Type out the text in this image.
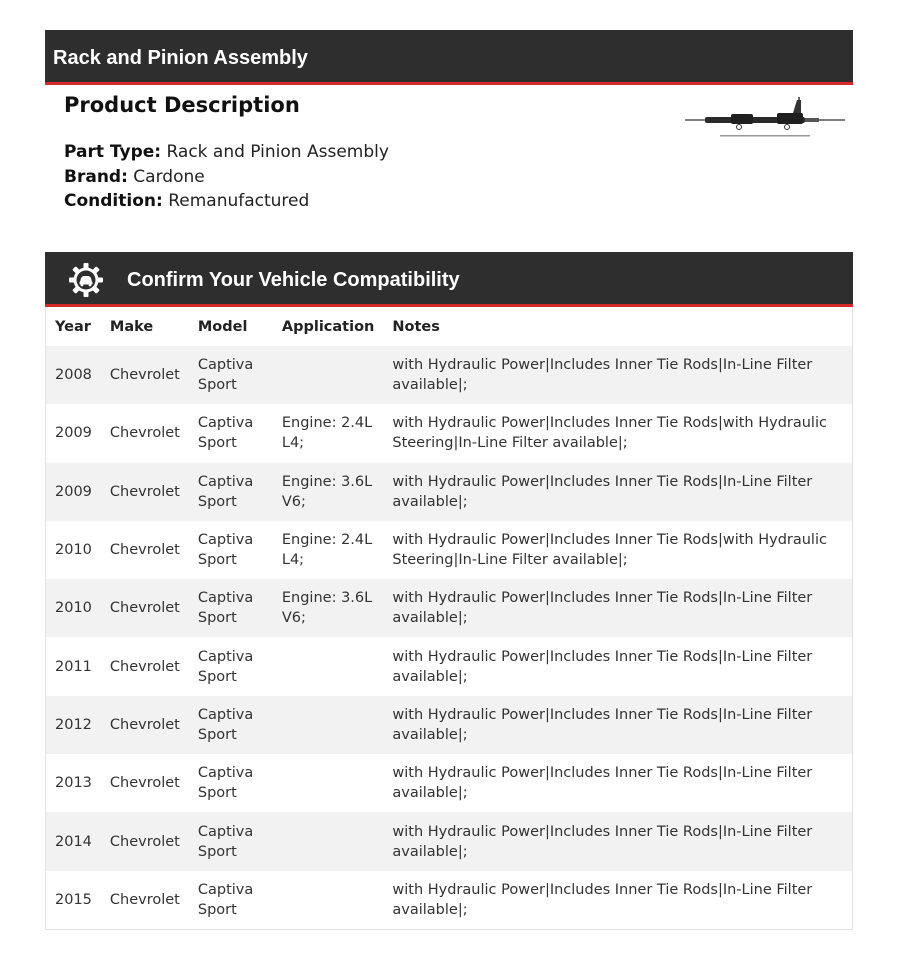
Rack and Pinion Assembly
Product Description
Part Type: Rack and Pinion Assembly
Brand: Cardone
Condition: Remanufactured
Confirm Your Vehicle Compatibility
Year	Make	Model	Application	Notes
2008	Chevrolet	Captiva Sport		with Hydraulic Power|Includes Inner Tie Rods|In-Line Filter available|;
2009	Chevrolet	Captiva Sport	Engine: 2.4L L4;	with Hydraulic Power|Includes Inner Tie Rods|with Hydraulic Steering|In-Line Filter available|;
2009	Chevrolet	Captiva Sport	Engine: 3.6L V6;	with Hydraulic Power|Includes Inner Tie Rods|In-Line Filter available|;
2010	Chevrolet	Captiva Sport	Engine: 2.4L L4;	with Hydraulic Power|Includes Inner Tie Rods|with Hydraulic Steering|In-Line Filter available|;
2010	Chevrolet	Captiva Sport	Engine: 3.6L V6;	with Hydraulic Power|Includes Inner Tie Rods|In-Line Filter available|;
2011	Chevrolet	Captiva Sport		with Hydraulic Power|Includes Inner Tie Rods|In-Line Filter available|;
2012	Chevrolet	Captiva Sport		with Hydraulic Power|Includes Inner Tie Rods|In-Line Filter available|;
2013	Chevrolet	Captiva Sport		with Hydraulic Power|Includes Inner Tie Rods|In-Line Filter available|;
2014	Chevrolet	Captiva Sport		with Hydraulic Power|Includes Inner Tie Rods|In-Line Filter available|;
2015	Chevrolet	Captiva Sport		with Hydraulic Power|Includes Inner Tie Rods|In-Line Filter available|;
